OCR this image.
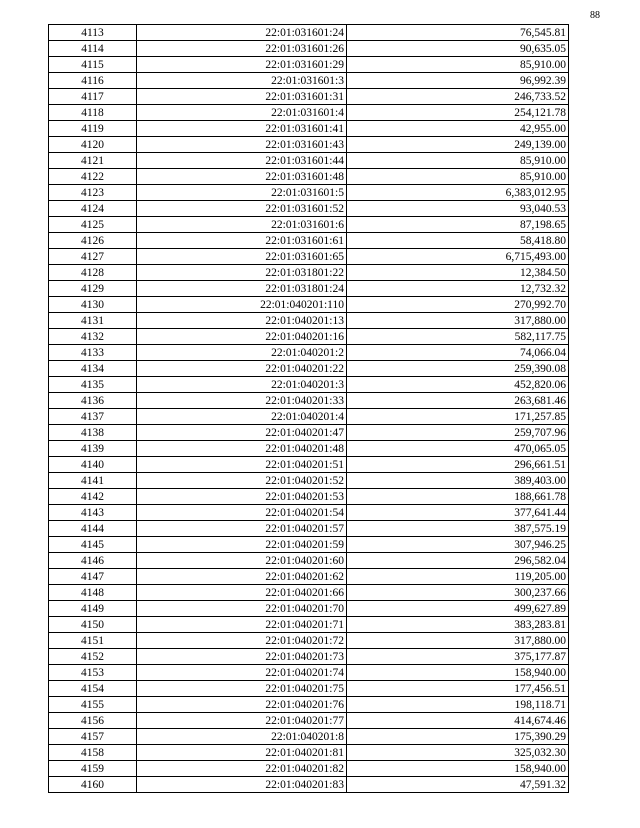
88
4113	22:01:031601:24	76,545.81
4114	22:01:031601:26	90,635.05
4115	22:01:031601:29	85,910.00
4116	22:01:031601:3	96,992.39
4117	22:01:031601:31	246,733.52
4118	22:01:031601:4	254,121.78
4119	22:01:031601:41	42,955.00
4120	22:01:031601:43	249,139.00
4121	22:01:031601:44	85,910.00
4122	22:01:031601:48	85,910.00
4123	22:01:031601:5	6,383,012.95
4124	22:01:031601:52	93,040.53
4125	22:01:031601:6	87,198.65
4126	22:01:031601:61	58,418.80
4127	22:01:031601:65	6,715,493.00
4128	22:01:031801:22	12,384.50
4129	22:01:031801:24	12,732.32
4130	22:01:040201:110	270,992.70
4131	22:01:040201:13	317,880.00
4132	22:01:040201:16	582,117.75
4133	22:01:040201:2	74,066.04
4134	22:01:040201:22	259,390.08
4135	22:01:040201:3	452,820.06
4136	22:01:040201:33	263,681.46
4137	22:01:040201:4	171,257.85
4138	22:01:040201:47	259,707.96
4139	22:01:040201:48	470,065.05
4140	22:01:040201:51	296,661.51
4141	22:01:040201:52	389,403.00
4142	22:01:040201:53	188,661.78
4143	22:01:040201:54	377,641.44
4144	22:01:040201:57	387,575.19
4145	22:01:040201:59	307,946.25
4146	22:01:040201:60	296,582.04
4147	22:01:040201:62	119,205.00
4148	22:01:040201:66	300,237.66
4149	22:01:040201:70	499,627.89
4150	22:01:040201:71	383,283.81
4151	22:01:040201:72	317,880.00
4152	22:01:040201:73	375,177.87
4153	22:01:040201:74	158,940.00
4154	22:01:040201:75	177,456.51
4155	22:01:040201:76	198,118.71
4156	22:01:040201:77	414,674.46
4157	22:01:040201:8	175,390.29
4158	22:01:040201:81	325,032.30
4159	22:01:040201:82	158,940.00
4160	22:01:040201:83	47,591.32
